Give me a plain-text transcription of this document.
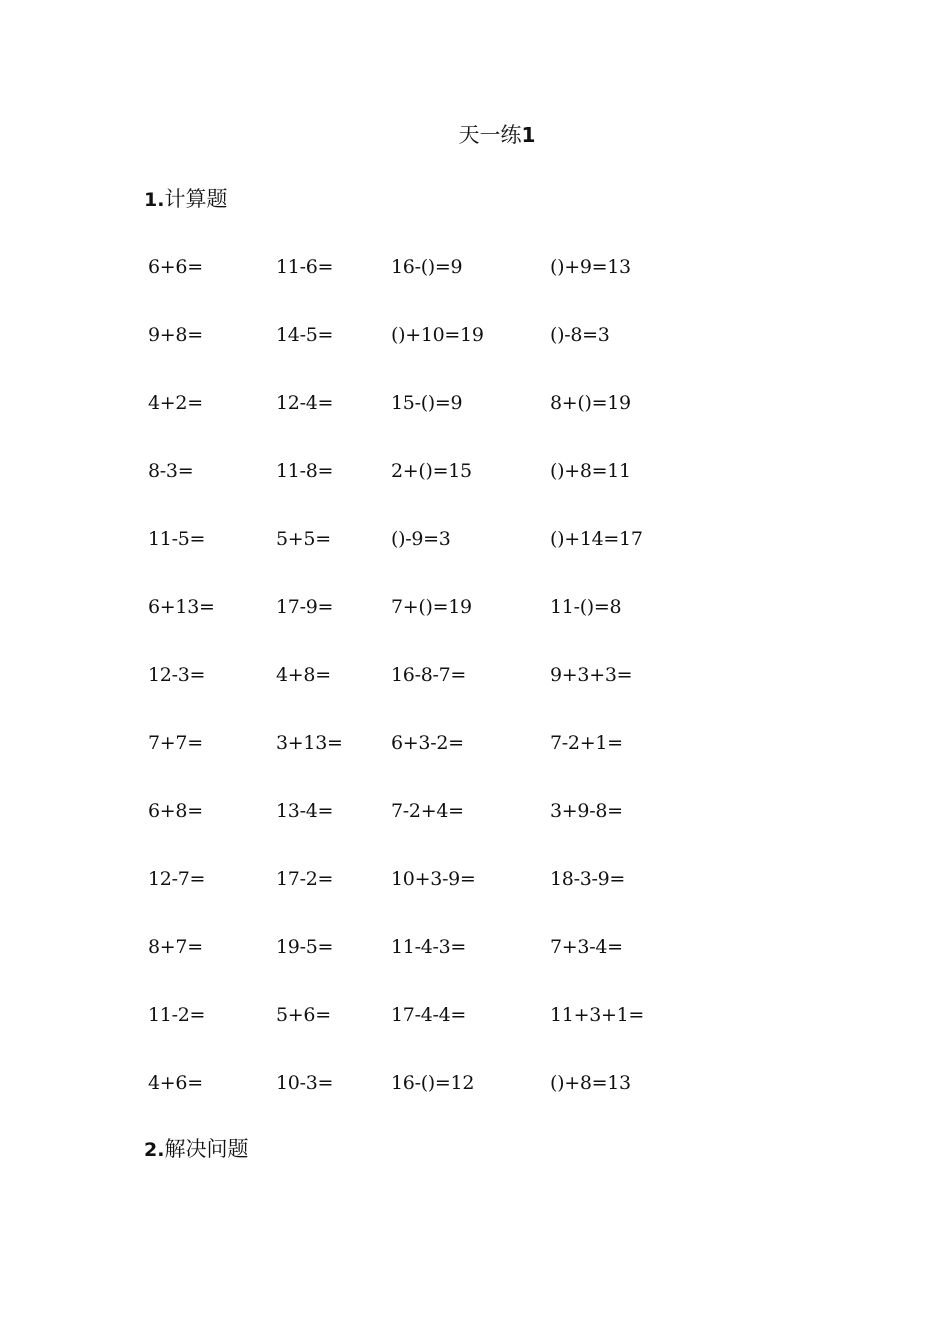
天一练1
1.计算题
6+6=	11-6=	16-()=9	()+9=13
9+8=	14-5=	()+10=19	()-8=3
4+2=	12-4=	15-()=9	8+()=19
8-3=	11-8=	2+()=15	()+8=11
11-5=	5+5=	()-9=3	()+14=17
6+13=	17-9=	7+()=19	11-()=8
12-3=	4+8=	16-8-7=	9+3+3=
7+7=	3+13=	6+3-2=	7-2+1=
6+8=	13-4=	7-2+4=	3+9-8=
12-7=	17-2=	10+3-9=	18-3-9=
8+7=	19-5=	11-4-3=	7+3-4=
11-2=	5+6=	17-4-4=	11+3+1=
4+6=	10-3=	16-()=12	()+8=13
2.解决问题
